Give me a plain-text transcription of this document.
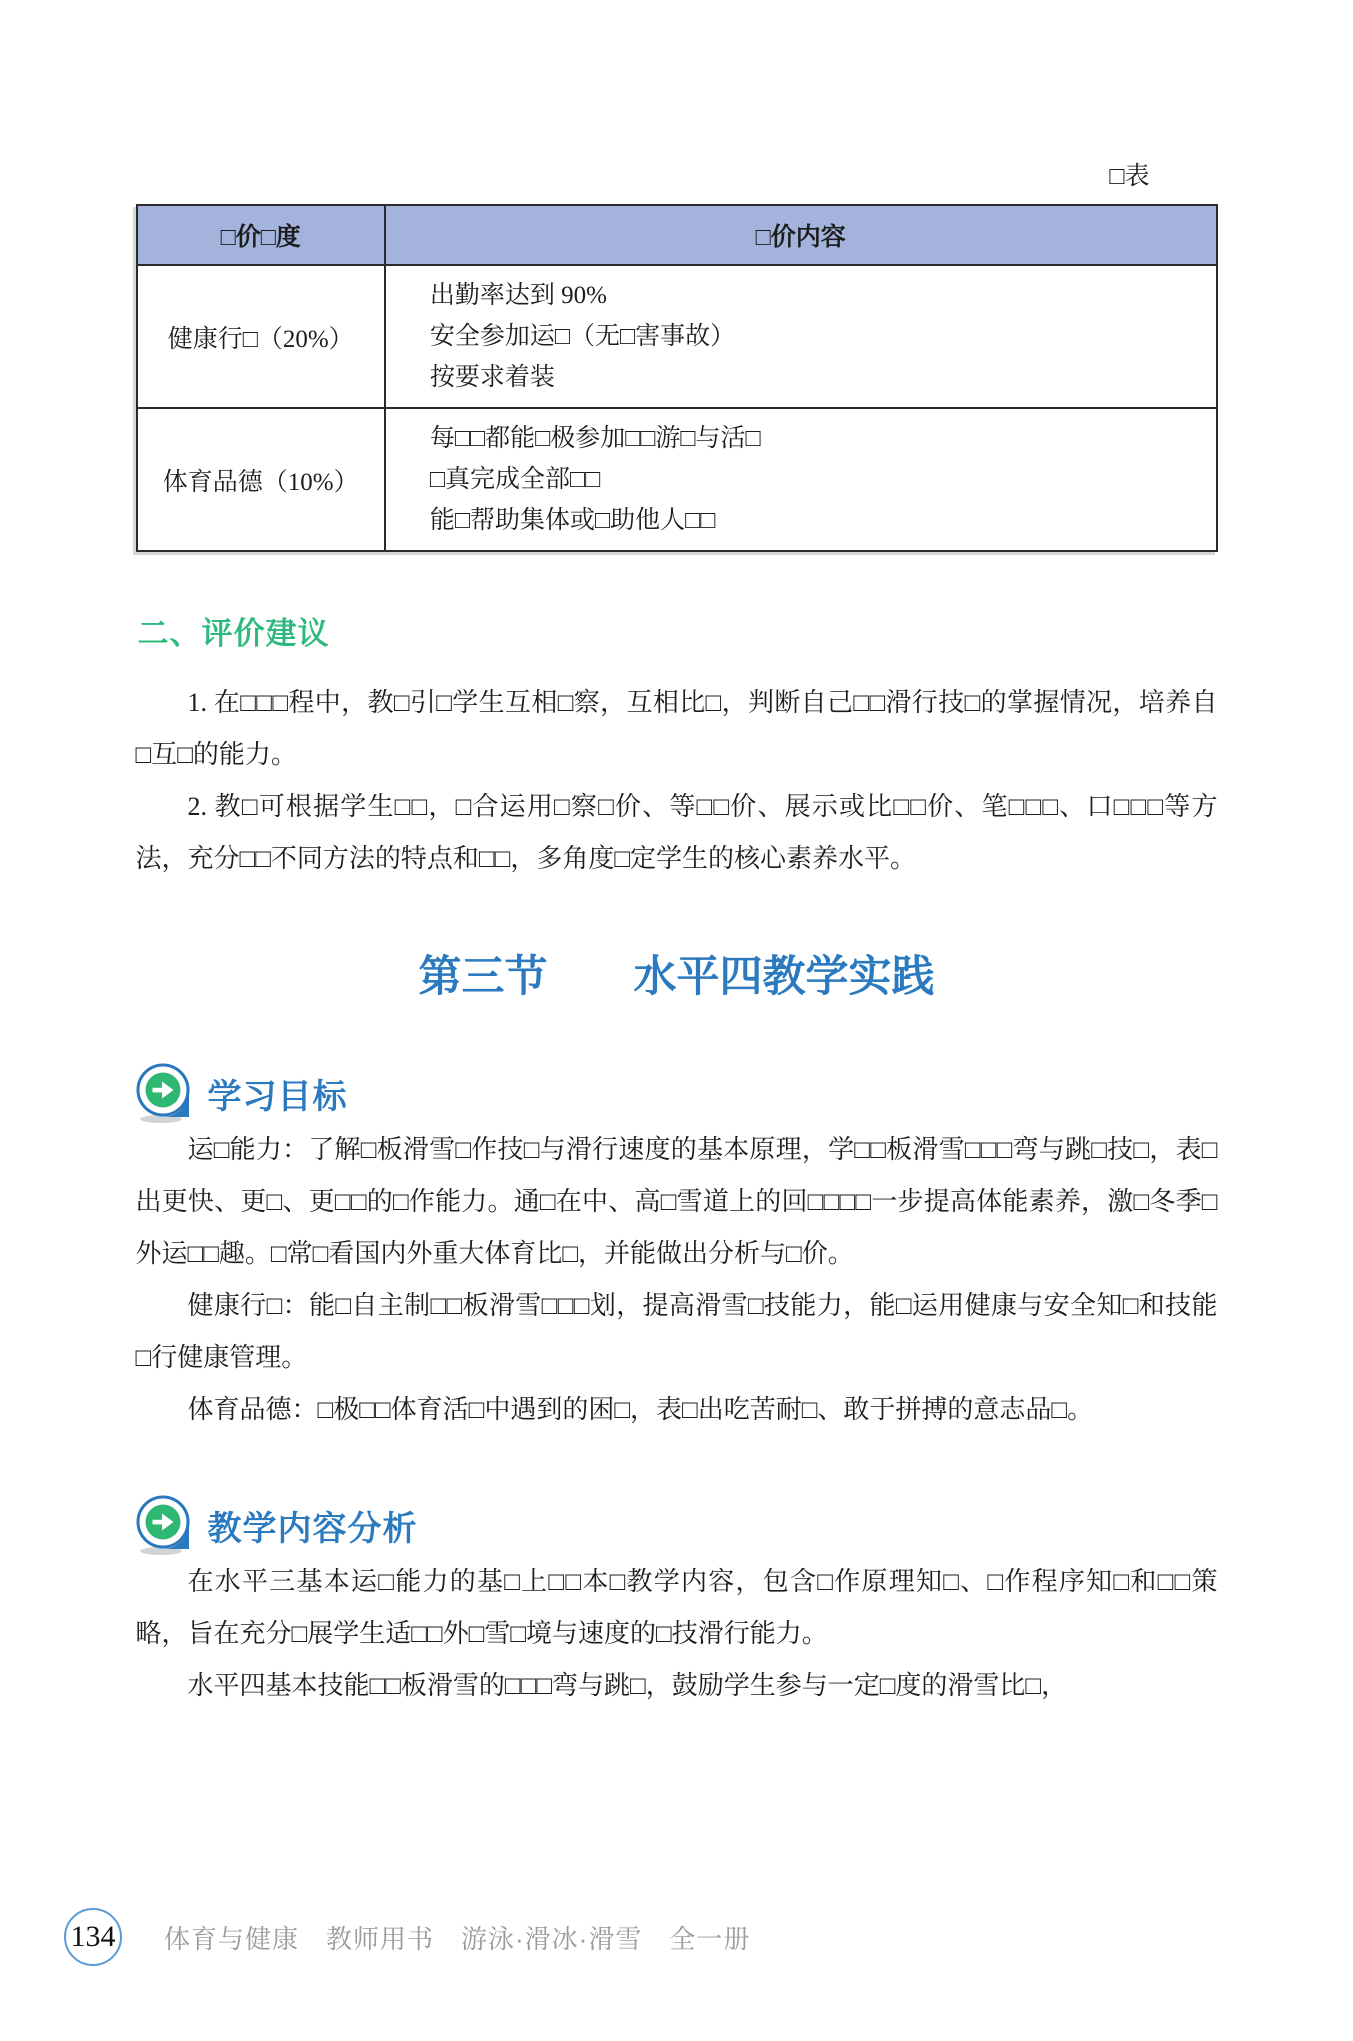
□表
□价□度	□价内容
健康行□（20%）	出勤率达到 90%
安全参加运□（无□害事故）
按要求着装

体育品德（10%）	每□□都能□极参加□□游□与活□
□真完成全部□□
能□帮助集体或□助他人□□
二、评价建议

1. 在□□□程中，教□引□学生互相□察，互相比□，判断自己□□滑行技□的掌握情况，培养自□互□的能力。

2. 教□可根据学生□□，□合运用□察□价、等□□价、展示或比□□价、笔□□□、口□□□等方法，充分□□不同方法的特点和□□，多角度□定学生的核心素养水平。

第三节　　水平四教学实践
学习目标

运□能力：了解□板滑雪□作技□与滑行速度的基本原理，学□□板滑雪□□□弯与跳□技□，表□出更快、更□、更□□的□作能力。通□在中、高□雪道上的回□□□□一步提高体能素养，激□冬季□外运□□趣。□常□看国内外重大体育比□，并能做出分析与□价。

健康行□：能□自主制□□板滑雪□□□划，提高滑雪□技能力，能□运用健康与安全知□和技能□行健康管理。

体育品德：□极□□体育活□中遇到的困□，表□出吃苦耐□、敢于拼搏的意志品□。

教学内容分析

在水平三基本运□能力的基□上□□本□教学内容，包含□作原理知□、□作程序知□和□□策略，旨在充分□展学生适□□外□雪□境与速度的□技滑行能力。

水平四基本技能□□板滑雪的□□□弯与跳□，鼓励学生参与一定□度的滑雪比□，

134 体育与健康　教师用书　游泳·滑冰·滑雪　全一册
